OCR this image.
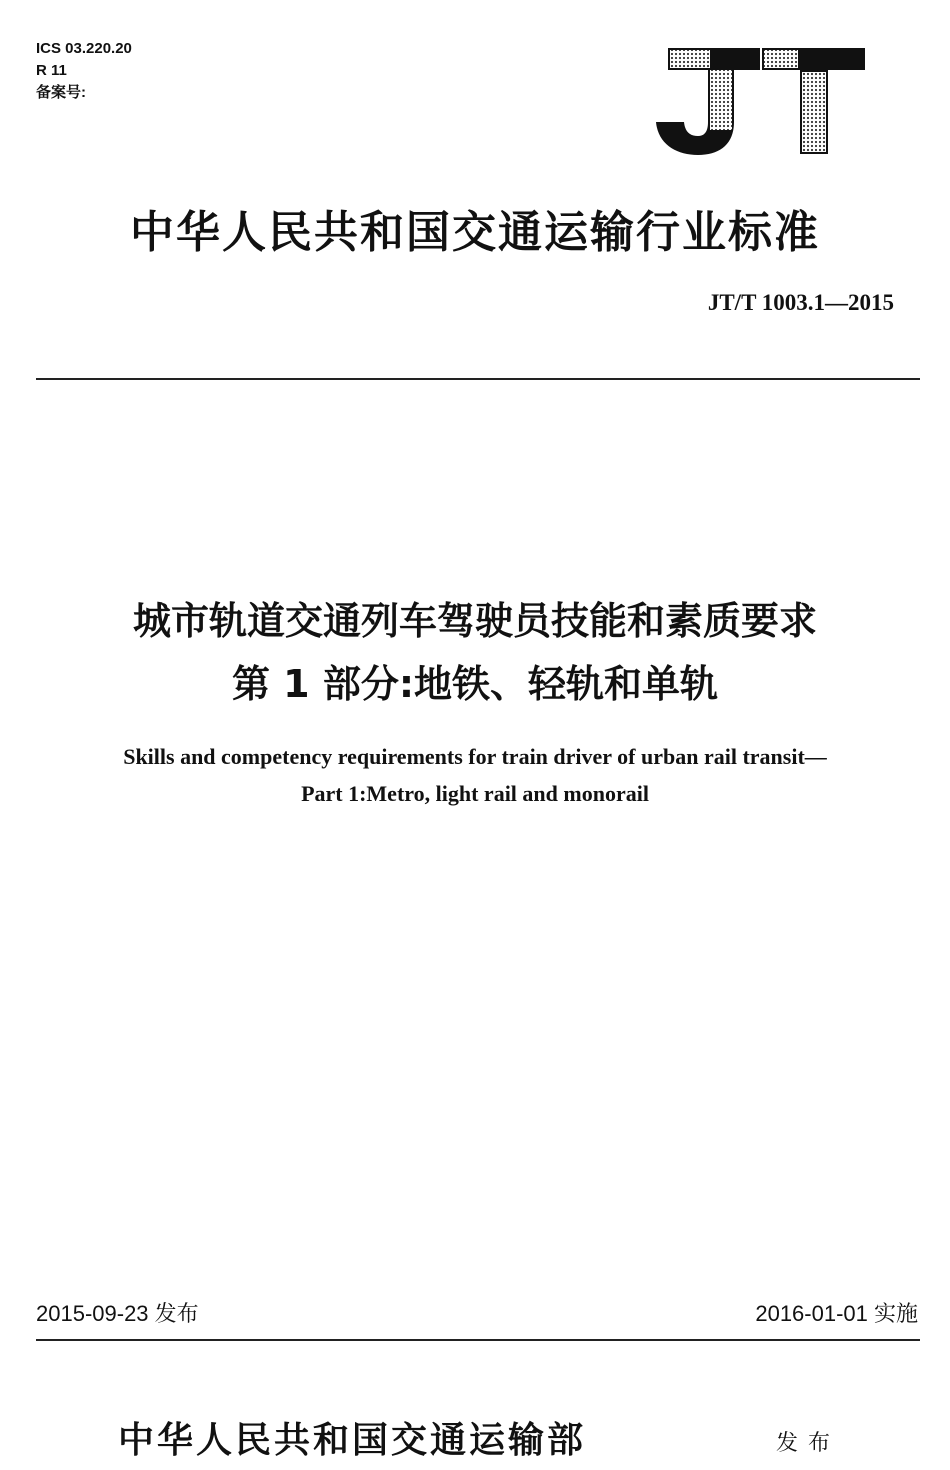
ICS 03.220.20
R 11
备案号:
中华人民共和国交通运输行业标准
JT/T 1003.1—2015
城市轨道交通列车驾驶员技能和素质要求
第 1 部分:地铁、轻轨和单轨
Skills and competency requirements for train driver of urban rail transit—
Part 1:Metro, light rail and monorail
2015-09-23 发布	2016-01-01 实施
中华人民共和国交通运输部	发布
